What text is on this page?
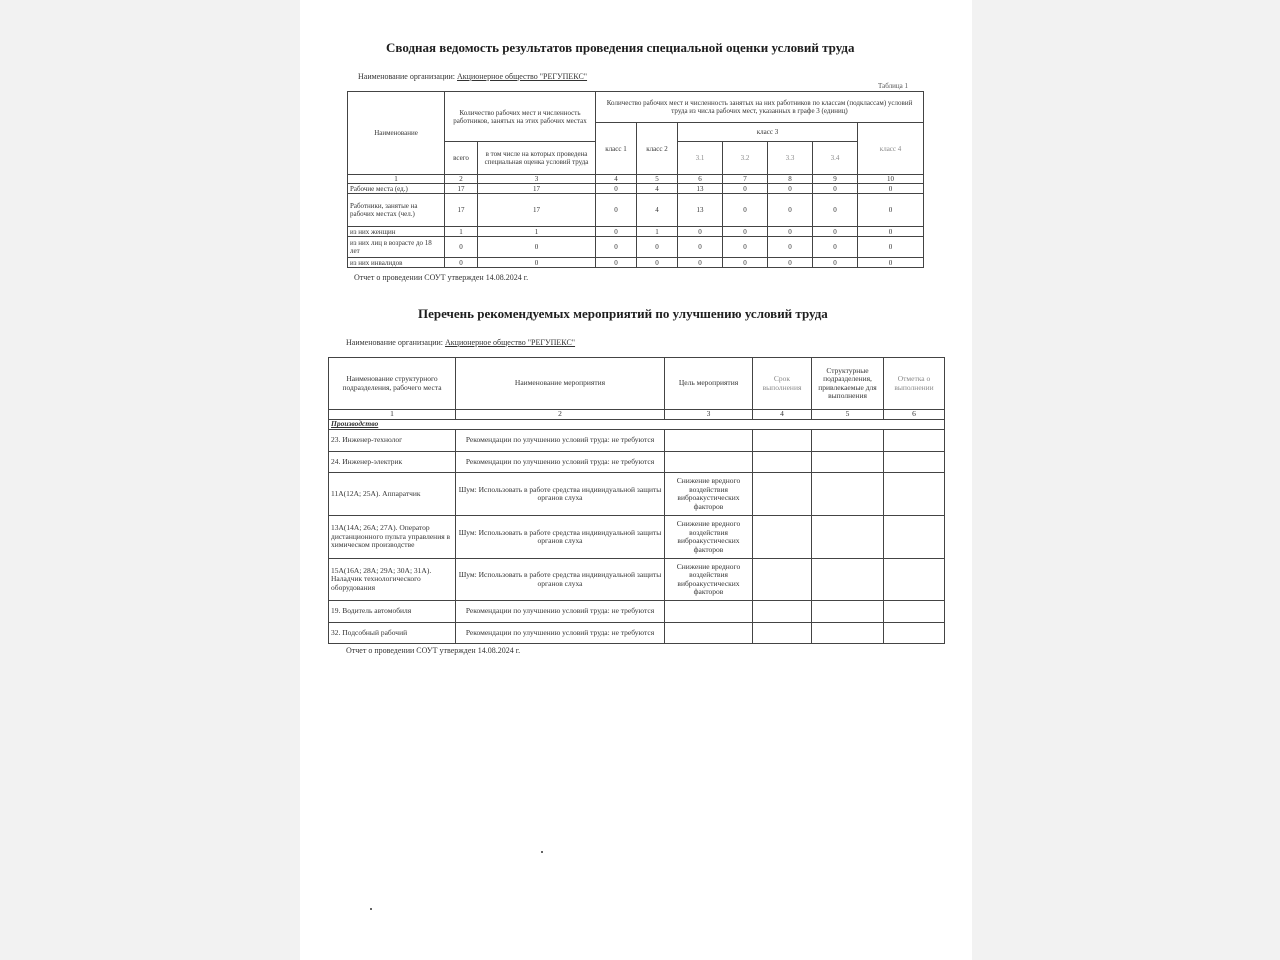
Сводная ведомость результатов проведения специальной оценки условий труда
Наименование организации: Акционерное общество "РЕГУПЕКС"
Таблица 1
Наименование	Количество рабочих мест и численность работников, занятых на этих рабочих местах		Количество рабочих мест и численность занятых на них работников по классам (подклассам) условий труда из числа рабочих мест, указанных в графе 3 (единиц)						
			класс 1	класс 2	класс 3				класс 4
	всего	в том числе на которых проведена специальная оценка условий труда			3.1	3.2	3.3	3.4	
1	2	3	4	5	6	7	8	9	10
Рабочие места (ед.)	17	17	0	4	13	0	0	0	0
Работники, занятые на рабочих местах (чел.)	17	17	0	4	13	0	0	0	0
из них женщин	1	1	0	1	0	0	0	0	0
из них лиц в возрасте до 18 лет	0	0	0	0	0	0	0	0	0
из них инвалидов	0	0	0	0	0	0	0	0	0
Отчет о проведении СОУТ утвержден 14.08.2024 г.
Перечень рекомендуемых мероприятий по улучшению условий труда
Наименование организации: Акционерное общество "РЕГУПЕКС"
Наименование структурного подразделения, рабочего места	Наименование мероприятия	Цель мероприятия	Срок выполнения	Структурные подразделения, привлекаемые для выполнения	Отметка о выполнении
1	2	3	4	5	6
Производство					
23. Инженер-технолог	Рекомендации по улучшению условий труда: не требуются				
24. Инженер-электрик	Рекомендации по улучшению условий труда: не требуются				
11А(12А; 25А). Аппаратчик	Шум: Использовать в работе средства индивидуальной защиты органов слуха	Снижение вредного воздействия виброакустических факторов			
13А(14А; 26А; 27А). Оператор дистанционного пульта управления в химическом производстве	Шум: Использовать в работе средства индивидуальной защиты органов слуха	Снижение вредного воздействия виброакустических факторов			
15А(16А; 28А; 29А; 30А; 31А). Наладчик технологического оборудования	Шум: Использовать в работе средства индивидуальной защиты органов слуха	Снижение вредного воздействия виброакустических факторов			
19. Водитель автомобиля	Рекомендации по улучшению условий труда: не требуются				
32. Подсобный рабочий	Рекомендации по улучшению условий труда: не требуются				
Отчет о проведении СОУТ утвержден 14.08.2024 г.
